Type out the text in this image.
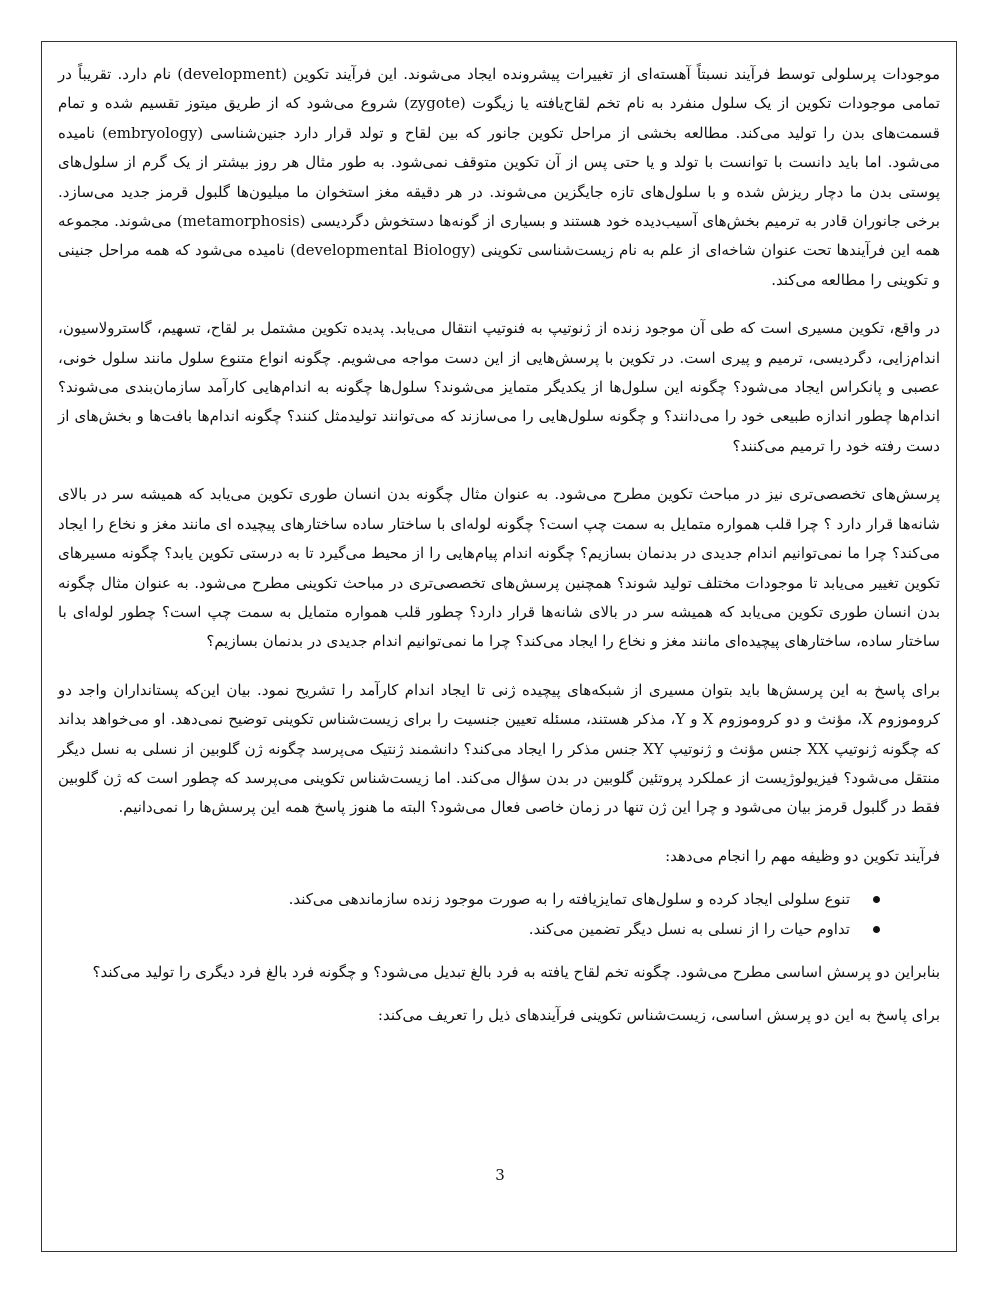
موجودات پرسلولی توسط فرآیند نسبتاً آهسته‌ای از تغییرات پیشرونده ایجاد می‌شوند. این فرآیند تکوین (development) نام دارد. تقریباً در تمامی موجودات تکوین از یک سلول منفرد به نام تخم لقاح‌یافته یا زیگوت (zygote) شروع می‌شود که از طریق میتوز تقسیم شده و تمام قسمت‌های بدن را تولید می‌کند. مطالعه بخشی از مراحل تکوین جانور که بین لقاح و تولد قرار دارد جنین‌شناسی (embryology) نامیده می‌شود. اما باید دانست با توانست با تولد و یا حتی پس از آن تکوین متوقف نمی‌شود. به طور مثال هر روز بیشتر از یک گرم از سلول‌های پوستی بدن ما دچار ریزش شده و با سلول‌های تازه جایگزین می‌شوند. در هر دقیقه مغز استخوان ما میلیون‌ها گلبول قرمز جدید می‌سازد. برخی جانوران قادر به ترمیم بخش‌های آسیب‌دیده خود هستند و بسیاری از گونه‌ها دستخوش دگردیسی (metamorphosis) می‌شوند. مجموعه همه این فرآیندها تحت عنوان شاخه‌ای از علم به نام زیست‌شناسی تکوینی (developmental Biology) نامیده می‌شود که همه مراحل جنینی و تکوینی را مطالعه می‌کند.

در واقع، تکوین مسیری است که طی آن موجود زنده از ژنوتیپ به فنوتیپ انتقال می‌یابد. پدیده تکوین مشتمل بر لقاح، تسهیم، گاسترولاسیون، اندام‌زایی، دگردیسی، ترمیم و پیری است. در تکوین با پرسش‌هایی از این دست مواجه می‌شویم. چگونه انواع متنوع سلول مانند سلول خونی، عصبی و پانکراس ایجاد می‌شود؟ چگونه این سلول‌ها از یکدیگر متمایز می‌شوند؟ سلول‌ها چگونه به اندام‌هایی کارآمد سازمان‌بندی می‌شوند؟ اندام‌ها چطور اندازه طبیعی خود را می‌دانند؟ و چگونه سلول‌هایی را می‌سازند که می‌توانند تولیدمثل کنند؟ چگونه اندام‌ها بافت‌ها و بخش‌های از دست رفته خود را ترمیم می‌کنند؟

پرسش‌های تخصصی‌تری نیز در مباحث تکوین مطرح می‌شود. به عنوان مثال چگونه بدن انسان طوری تکوین می‌یابد که همیشه سر در بالای شانه‌ها قرار دارد ؟ چرا قلب همواره متمایل به سمت چپ است؟ چگونه لوله‌ای با ساختار ساده ساختارهای پیچیده ای مانند مغز و نخاع را ایجاد می‌کند؟ چرا ما نمی‌توانیم اندام جدیدی در بدنمان بسازیم؟ چگونه اندام پیام‌هایی را از محیط می‌گیرد تا به درستی تکوین یابد؟ چگونه مسیرهای تکوین تغییر می‌یابد تا موجودات مختلف تولید شوند؟ همچنین پرسش‌های تخصصی‌تری در مباحث تکوینی مطرح می‌شود. به عنوان مثال چگونه بدن انسان طوری تکوین می‌یابد که همیشه سر در بالای شانه‌ها قرار دارد؟ چطور قلب همواره متمایل به سمت چپ است؟ چطور لوله‌ای با ساختار ساده، ساختارهای پیچیده‌ای مانند مغز و نخاع را ایجاد می‌کند؟ چرا ما نمی‌توانیم اندام جدیدی در بدنمان بسازیم؟

برای پاسخ به این پرسش‌ها باید بتوان مسیری از شبکه‌های پیچیده ژنی تا ایجاد اندام کارآمد را تشریح نمود. بیان این‌که پستانداران واجد دو کروموزوم X، مؤنث و دو کروموزوم X و Y، مذکر هستند، مسئله تعیین جنسیت را برای زیست‌شناس تکوینی توضیح نمی‌دهد. او می‌خواهد بداند که چگونه ژنوتیپ XX جنس مؤنث و ژنوتیپ XY جنس مذکر را ایجاد می‌کند؟ دانشمند ژنتیک می‌پرسد چگونه ژن گلوبین از نسلی به نسل دیگر منتقل می‌شود؟ فیزیولوژیست از عملکرد پروتئین گلوبین در بدن سؤال می‌کند. اما زیست‌شناس تکوینی می‌پرسد که چطور است که ژن گلوبین فقط در گلبول قرمز بیان می‌شود و چرا این ژن تنها در زمان خاصی فعال می‌شود؟ البته ما هنوز پاسخ همه این پرسش‌ها را نمی‌دانیم.

فرآیند تکوین دو وظیفه مهم را انجام می‌دهد:

تنوع سلولی ایجاد کرده و سلول‌های تمایزیافته را به صورت موجود زنده سازماندهی می‌کند.
تداوم حیات را از نسلی به نسل دیگر تضمین می‌کند.

بنابراین دو پرسش اساسی مطرح می‌شود. چگونه تخم لقاح یافته به فرد بالغ تبدیل می‌شود؟ و چگونه فرد بالغ فرد دیگری را تولید می‌کند؟

برای پاسخ به این دو پرسش اساسی، زیست‌شناس تکوینی فرآیندهای ذیل را تعریف می‌کند:

3
